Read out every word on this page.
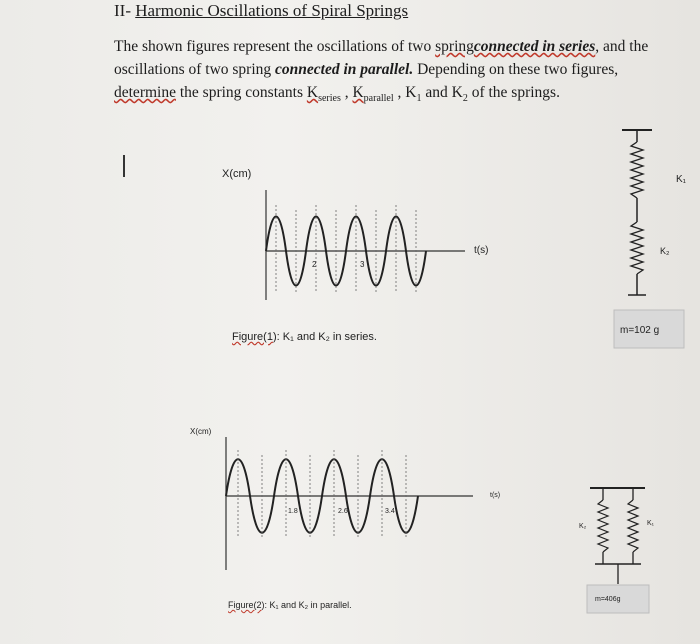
II- Harmonic Oscillations of Spiral Springs
The shown figures represent the oscillations of two springconnected in series, and the oscillations of two spring connected in parallel. Depending on these two figures,
determine the spring constants $K_{series}$ , $K_{parallel}$ , $K_1$ and $K_2$ of the springs.
X(cm)
t(s)
2	3
Figure(1): K₁ and K₂ in series.
K₁
K₂
m=102 g
X(cm)
t(s)
1.8	2.6	3.4
Figure(2): K₁ and K₂ in parallel.
K₂	K₁
m=406g
